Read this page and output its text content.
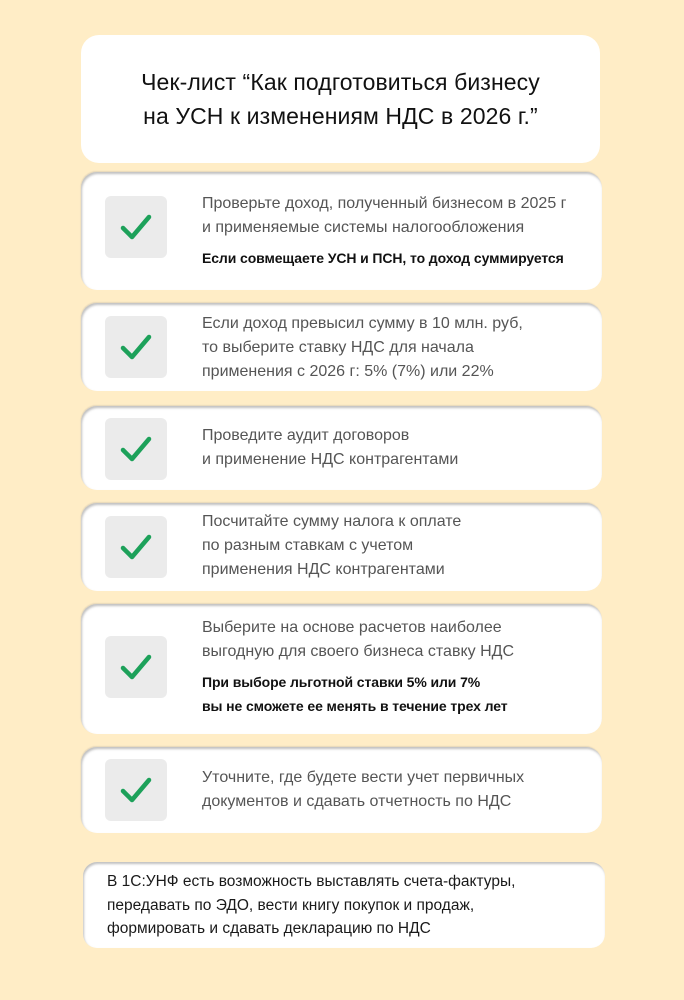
Чек-лист “Как подготовиться бизнесу
на УСН к изменениям НДС в 2026 г.”
Проверьте доход, полученный бизнесом в 2025 г
и применяемые системы налогообложения
Если совмещаете УСН и ПСН, то доход суммируется
Если доход превысил сумму в 10 млн. руб,
то выберите ставку НДС для начала
применения с 2026 г: 5% (7%) или 22%
Проведите аудит договоров
и применение НДС контрагентами
Посчитайте сумму налога к оплате
по разным ставкам с учетом
применения НДС контрагентами
Выберите на основе расчетов наиболее
выгодную для своего бизнеса ставку НДС
При выборе льготной ставки 5% или 7%
вы не сможете ее менять в течение трех лет
Уточните, где будете вести учет первичных
документов и сдавать отчетность по НДС
В 1С:УНФ есть возможность выставлять счета-фактуры,
передавать по ЭДО, вести книгу покупок и продаж,
формировать и сдавать декларацию по НДС
